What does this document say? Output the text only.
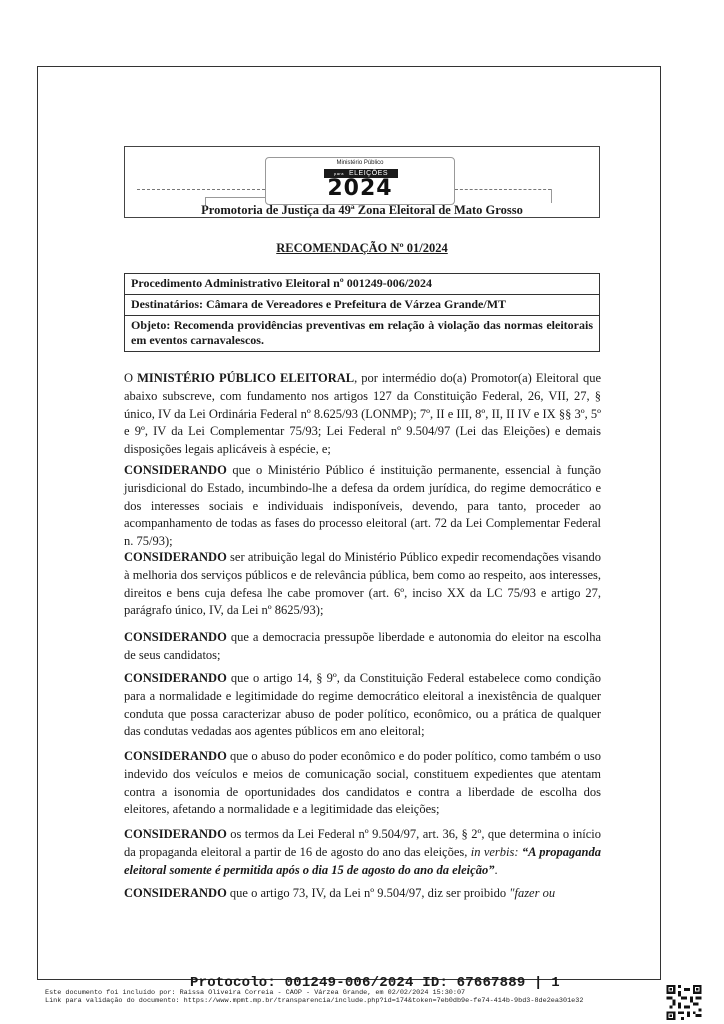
Ministério Público
para ELEIÇÕES
2024
Promotoria de Justiça da 49ª Zona Eleitoral de Mato Grosso
RECOMENDAÇÃO Nº 01/2024
Procedimento Administrativo Eleitoral nº 001249-006/2024
Destinatários: Câmara de Vereadores e Prefeitura de Várzea Grande/MT
Objeto: Recomenda providências preventivas em relação à violação das normas eleitorais em eventos carnavalescos.

O MINISTÉRIO PÚBLICO ELEITORAL, por intermédio do(a) Promotor(a) Eleitoral que abaixo subscreve, com fundamento nos artigos 127 da Constituição Federal, 26, VII, 27, § único, IV da Lei Ordinária Federal nº 8.625/93 (LONMP); 7º, II e III, 8º, II, II IV e IX §§ 3º, 5º e 9º, IV da Lei Complementar 75/93; Lei Federal nº 9.504/97 (Lei das Eleições) e demais disposições legais aplicáveis à espécie, e;

CONSIDERANDO que o Ministério Público é instituição permanente, essencial à função jurisdicional do Estado, incumbindo-lhe a defesa da ordem jurídica, do regime democrático e dos interesses sociais e individuais indisponíveis, devendo, para tanto, proceder ao acompanhamento de todas as fases do processo eleitoral (art. 72 da Lei Complementar Federal n. 75/93);

CONSIDERANDO ser atribuição legal do Ministério Público expedir recomendações visando à melhoria dos serviços públicos e de relevância pública, bem como ao respeito, aos interesses, direitos e bens cuja defesa lhe cabe promover (art. 6º, inciso XX da LC 75/93 e artigo 27, parágrafo único, IV, da Lei nº 8625/93);

CONSIDERANDO que a democracia pressupõe liberdade e autonomia do eleitor na escolha de seus candidatos;

CONSIDERANDO que o artigo 14, § 9º, da Constituição Federal estabelece como condição para a normalidade e legitimidade do regime democrático eleitoral a inexistência de qualquer conduta que possa caracterizar abuso de poder político, econômico, ou a prática de qualquer das condutas vedadas aos agentes públicos em ano eleitoral;

CONSIDERANDO que o abuso do poder econômico e do poder político, como também o uso indevido dos veículos e meios de comunicação social, constituem expedientes que atentam contra a isonomia de oportunidades dos candidatos e contra a liberdade de escolha dos eleitores, afetando a normalidade e a legitimidade das eleições;

CONSIDERANDO os termos da Lei Federal nº 9.504/97, art. 36, § 2º, que determina o início da propaganda eleitoral a partir de 16 de agosto do ano das eleições, in verbis: “A propaganda eleitoral somente é permitida após o dia 15 de agosto do ano da eleição”.

CONSIDERANDO que o artigo 73, IV, da Lei nº 9.504/97, diz ser proibido "fazer ou

Protocolo: 001249-006/2024 ID: 67667889 | 1
Este documento foi incluído por: Raissa Oliveira Correia - CAOP - Várzea Grande, em 02/02/2024 15:30:07
Link para validação do documento: https://www.mpmt.mp.br/transparencia/include.php?id=174&token=7eb0db9e-fe74-414b-9bd3-8de2ea301e32
